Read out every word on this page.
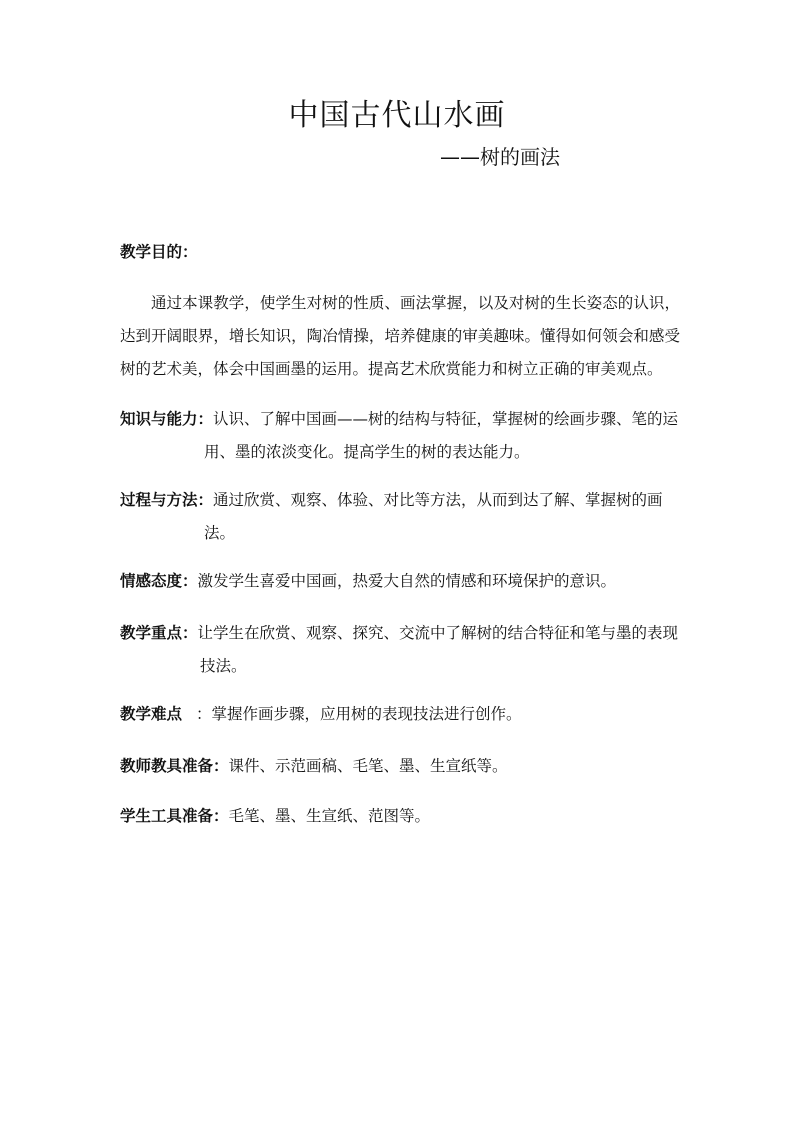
中国古代山水画

——树的画法

教学目的：

通过本课教学，使学生对树的性质、画法掌握，以及对树的生长姿态的认识，达到开阔眼界，增长知识，陶冶情操，培养健康的审美趣味。懂得如何领会和感受树的艺术美，体会中国画墨的运用。提高艺术欣赏能力和树立正确的审美观点。

知识与能力：认识、了解中国画——树的结构与特征，掌握树的绘画步骤、笔的运用、墨的浓淡变化。提高学生的树的表达能力。

过程与方法：通过欣赏、观察、体验、对比等方法，从而到达了解、掌握树的画法。

情感态度：激发学生喜爱中国画，热爱大自然的情感和环境保护的意识。

教学重点：让学生在欣赏、观察、探究、交流中了解树的结合特征和笔与墨的表现技法。

教学难点 ：掌握作画步骤，应用树的表现技法进行创作。

教师教具准备：课件、示范画稿、毛笔、墨、生宣纸等。

学生工具准备：毛笔、墨、生宣纸、范图等。
